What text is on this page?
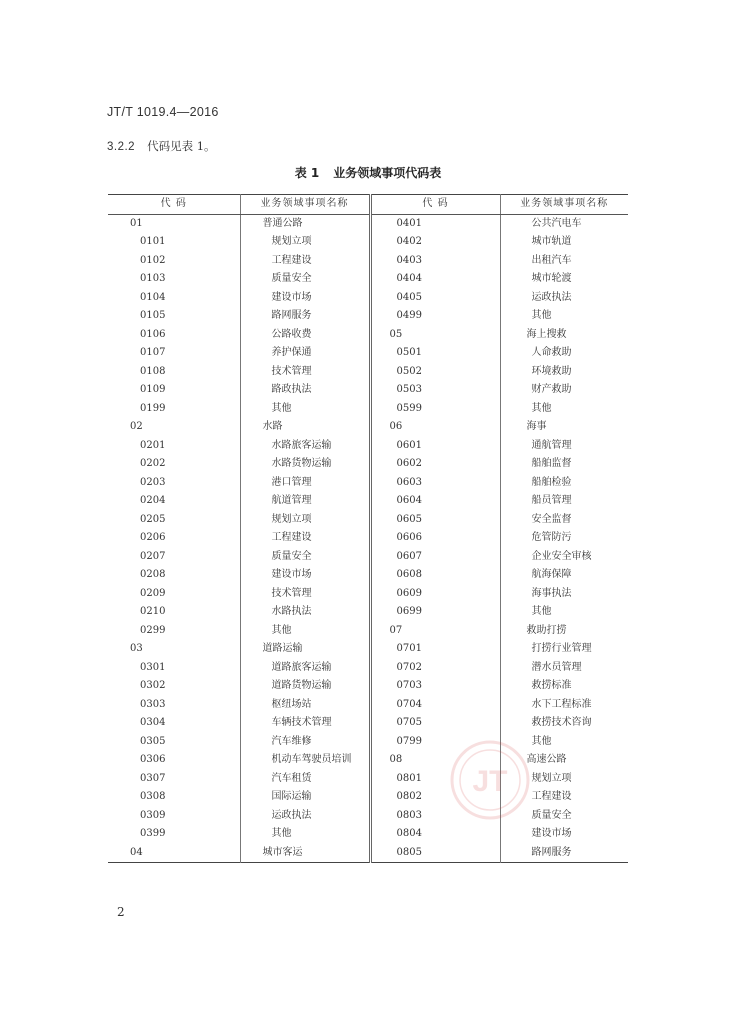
JT/T 1019.4—2016
3.2.2 代码见表 1。
表 1 业务领域事项代码表
代 码	业务领域事项名称	代 码	业务领域事项名称
01	普通公路	0401	公共汽电车
0101	规划立项	0402	城市轨道
0102	工程建设	0403	出租汽车
0103	质量安全	0404	城市轮渡
0104	建设市场	0405	运政执法
0105	路网服务	0499	其他
0106	公路收费	05	海上搜救
0107	养护保通	0501	人命救助
0108	技术管理	0502	环境救助
0109	路政执法	0503	财产救助
0199	其他	0599	其他
02	水路	06	海事
0201	水路旅客运输	0601	通航管理
0202	水路货物运输	0602	船舶监督
0203	港口管理	0603	船舶检验
0204	航道管理	0604	船员管理
0205	规划立项	0605	安全监督
0206	工程建设	0606	危管防污
0207	质量安全	0607	企业安全审核
0208	建设市场	0608	航海保障
0209	技术管理	0609	海事执法
0210	水路执法	0699	其他
0299	其他	07	救助打捞
03	道路运输	0701	打捞行业管理
0301	道路旅客运输	0702	潜水员管理
0302	道路货物运输	0703	救捞标准
0303	枢纽场站	0704	水下工程标准
0304	车辆技术管理	0705	救捞技术咨询
0305	汽车维修	0799	其他
0306	机动车驾驶员培训	08	高速公路
0307	汽车租赁	0801	规划立项
0308	国际运输	0802	工程建设
0309	运政执法	0803	质量安全
0399	其他	0804	建设市场
04	城市客运	0805	路网服务
JT
2
